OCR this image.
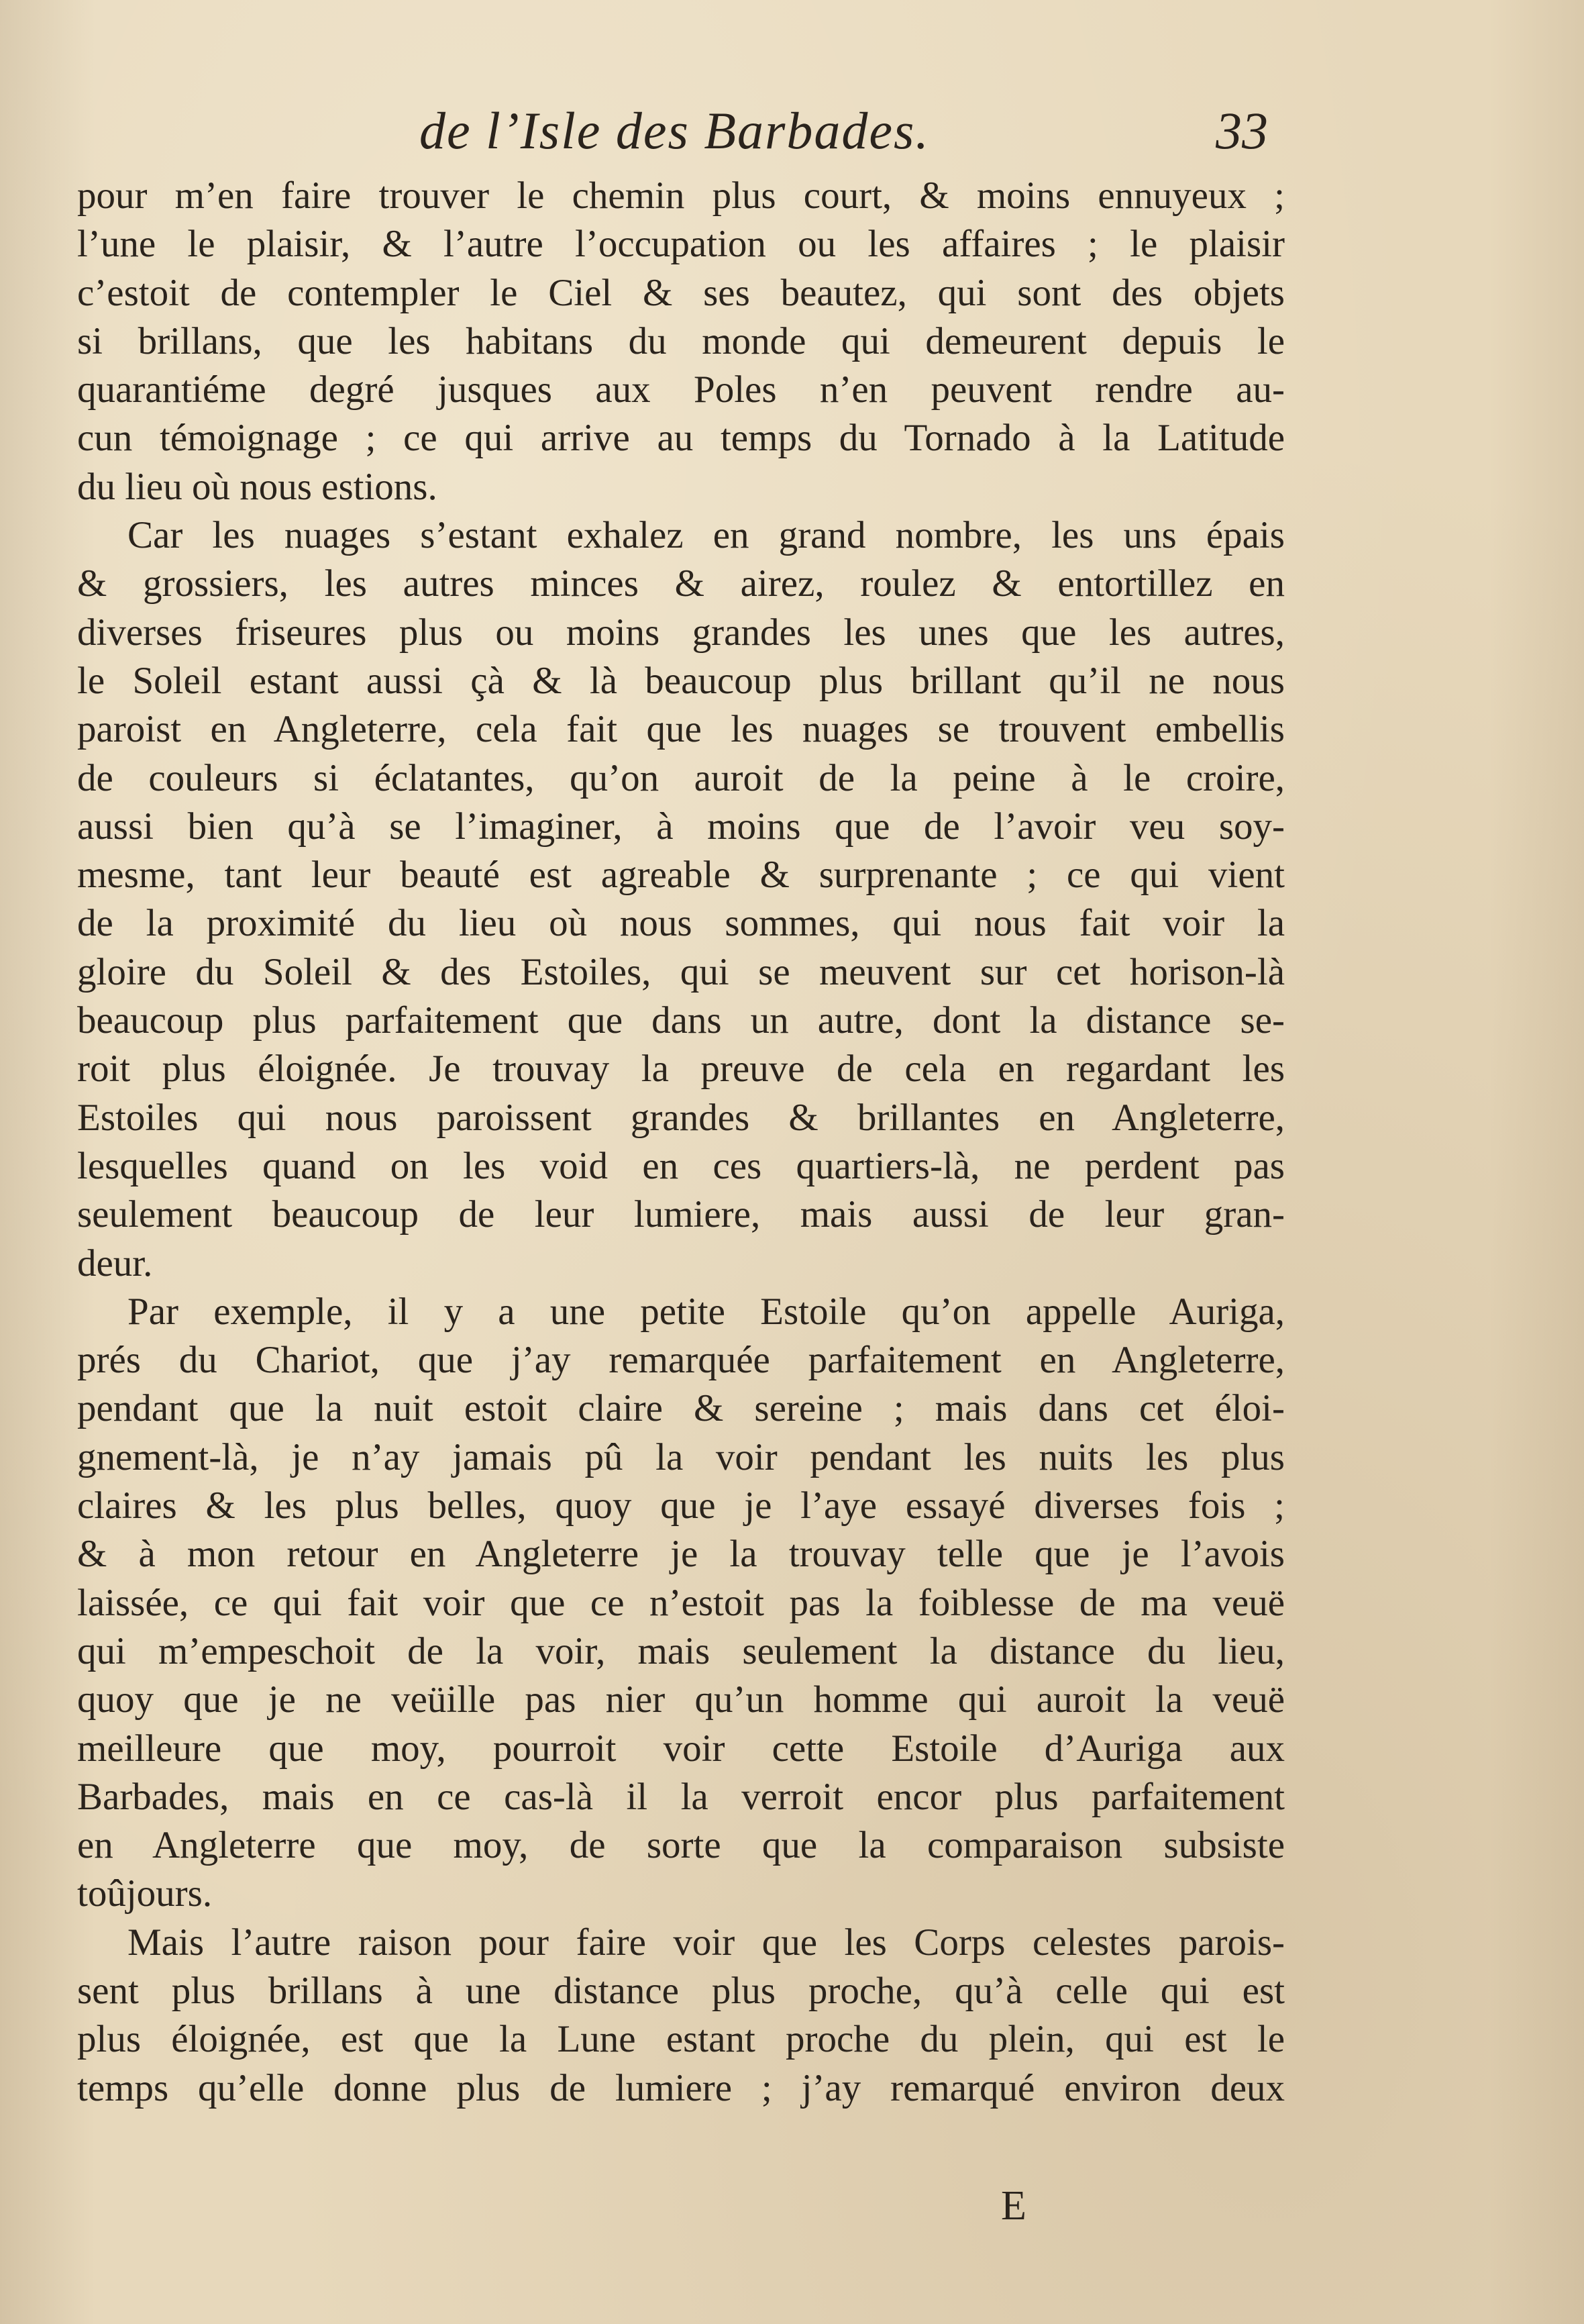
de l’Isle des Barbades.	33
pour m’en faire trouver le chemin plus court, & moins ennuyeux ;
l’une le plaisir, & l’autre l’occupation ou les affaires ; le plaisir
c’estoit de contempler le Ciel & ses beautez, qui sont des objets
si brillans, que les habitans du monde qui demeurent depuis le
quarantiéme degré jusques aux Poles n’en peuvent rendre au-
cun témoignage ; ce qui arrive au temps du Tornado à la Latitude
du lieu où nous estions.
Car les nuages s’estant exhalez en grand nombre, les uns épais
& grossiers, les autres minces & airez, roulez & entortillez en
diverses friseures plus ou moins grandes les unes que les autres,
le Soleil estant aussi çà & là beaucoup plus brillant qu’il ne nous
paroist en Angleterre, cela fait que les nuages se trouvent embellis
de couleurs si éclatantes, qu’on auroit de la peine à le croire,
aussi bien qu’à se l’imaginer, à moins que de l’avoir veu soy-
mesme, tant leur beauté est agreable & surprenante ; ce qui vient
de la proximité du lieu où nous sommes, qui nous fait voir la
gloire du Soleil & des Estoiles, qui se meuvent sur cet horison-là
beaucoup plus parfaitement que dans un autre, dont la distance se-
roit plus éloignée. Je trouvay la preuve de cela en regardant les
Estoiles qui nous paroissent grandes & brillantes en Angleterre,
lesquelles quand on les void en ces quartiers-là, ne perdent pas
seulement beaucoup de leur lumiere, mais aussi de leur gran-
deur.
Par exemple, il y a une petite Estoile qu’on appelle Auriga,
prés du Chariot, que j’ay remarquée parfaitement en Angleterre,
pendant que la nuit estoit claire & sereine ; mais dans cet éloi-
gnement-là, je n’ay jamais pû la voir pendant les nuits les plus
claires & les plus belles, quoy que je l’aye essayé diverses fois ;
& à mon retour en Angleterre je la trouvay telle que je l’avois
laissée, ce qui fait voir que ce n’estoit pas la foiblesse de ma veuë
qui m’empeschoit de la voir, mais seulement la distance du lieu,
quoy que je ne veüille pas nier qu’un homme qui auroit la veuë
meilleure que moy, pourroit voir cette Estoile d’Auriga aux
Barbades, mais en ce cas-là il la verroit encor plus parfaitement
en Angleterre que moy, de sorte que la comparaison subsiste
toûjours.
Mais l’autre raison pour faire voir que les Corps celestes parois-
sent plus brillans à une distance plus proche, qu’à celle qui est
plus éloignée, est que la Lune estant proche du plein, qui est le
temps qu’elle donne plus de lumiere ; j’ay remarqué environ deux
E
